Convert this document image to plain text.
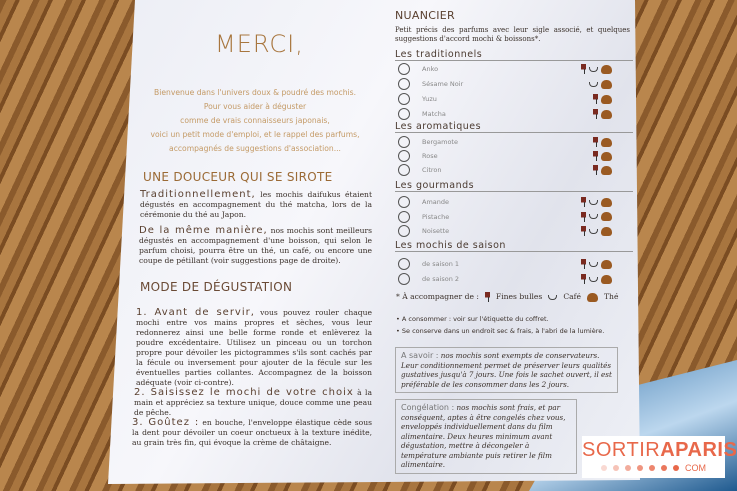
MERCI,
Bienvenue dans l'univers doux & poudré des mochis.
Pour vous aider à déguster
comme de vrais connaisseurs japonais,
voici un petit mode d'emploi, et le rappel des parfums,
accompagnés de suggestions d'association...
UNE DOUCEUR QUI SE SIROTE
Traditionnellement, les mochis daifukus étaient dégustés en accompagnement du thé matcha, lors de la cérémonie du thé au Japon.
De la même manière, nos mochis sont meilleurs dégustés en accompagnement d'une boisson, qui selon le parfum choisi, pourra être un thé, un café, ou encore une coupe de pétillant (voir suggestions page de droite).
MODE DE DÉGUSTATION
1. Avant de servir, vous pouvez rouler chaque mochi entre vos mains propres et sèches, vous leur redonnerez ainsi une belle forme ronde et enlèverez la poudre excédentaire. Utilisez un pinceau ou un torchon propre pour dévoiler les pictogrammes s'ils sont cachés par la fécule ou inversement pour ajouter de la fécule sur les éventuelles parties collantes. Accompagnez de la boisson adéquate (voir ci-contre).
2. Saisissez le mochi de votre choix à la main et appréciez sa texture unique, douce comme une peau de pêche.
3. Goûtez : en bouche, l'enveloppe élastique cède sous la dent pour dévoiler un coeur onctueux à la texture inédite, au grain très fin, qui évoque la crème de châtaigne.
NUANCIER
Petit précis des parfums avec leur sigle associé, et quelques suggestions d'accord mochi & boissons*.
Les traditionnels
Anko
Sésame Noir
Yuzu
Matcha
Les aromatiques
Bergamote
Rose
Citron
Les gourmands
Amande
Pistache
Noisette
Les mochis de saison
de saison 1
de saison 2
* À accompagner de : Fines bulles	Café	Thé
• A consommer : voir sur l'étiquette du coffret.
• Se conserve dans un endroit sec & frais, à l'abri de la lumière.
A savoir : nos mochis sont exempts de conservateurs. Leur conditionnement permet de préserver leurs qualités gustatives jusqu'à 7 jours. Une fois le sachet ouvert, il est préférable de les consommer dans les 2 jours.
Congélation : nos mochis sont frais, et par conséquent, aptes à être congelés chez vous, enveloppés individuellement dans du film alimentaire. Deux heures minimum avant dégustation, mettre à décongeler à température ambiante puis retirer le film alimentaire.
SORTIRAPARIS
COM
